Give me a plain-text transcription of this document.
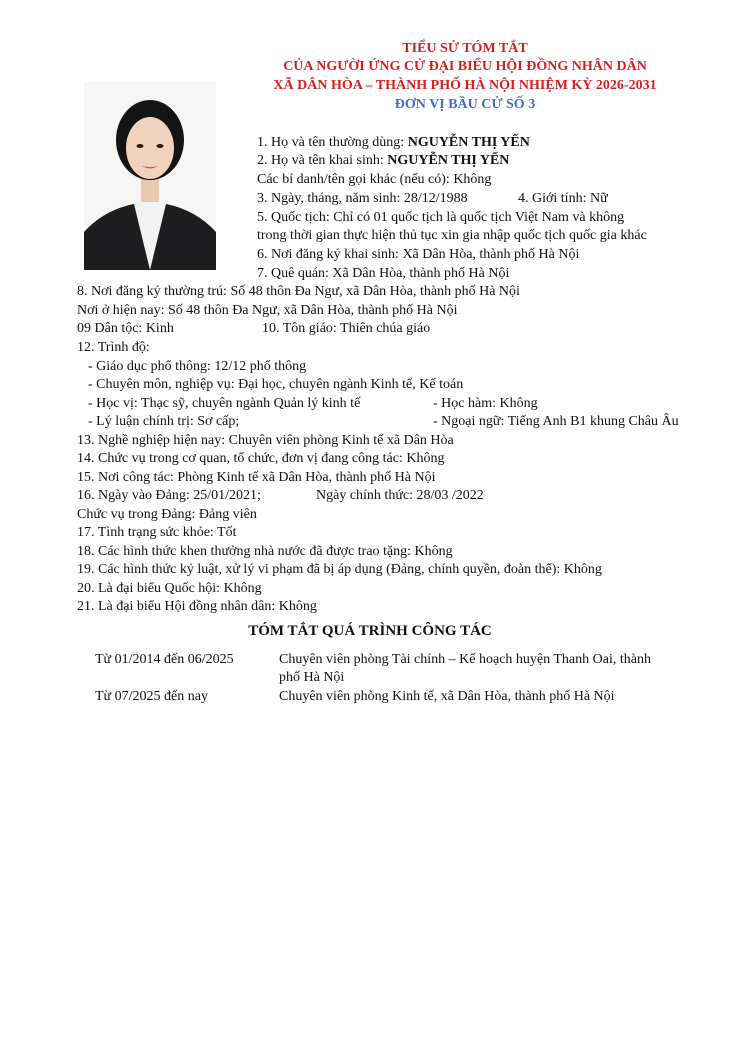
TIỂU SỬ TÓM TẮT
CỦA NGƯỜI ỨNG CỬ ĐẠI BIỂU HỘI ĐỒNG NHÂN DÂN
XÃ DÂN HÒA – THÀNH PHỐ HÀ NỘI NHIỆM KỲ 2026-2031
ĐƠN VỊ BẦU CỬ SỐ 3
1. Họ và tên thường dùng: NGUYỄN THỊ YẾN
2. Họ và tên khai sinh: NGUYỄN THỊ YẾN
Các bí danh/tên gọi khác (nếu có): Không
3. Ngày, tháng, năm sinh: 28/12/1988	4. Giới tính: Nữ
5. Quốc tịch: Chỉ có 01 quốc tịch là quốc tịch Việt Nam và không
trong thời gian thực hiện thủ tục xin gia nhập quốc tịch quốc gia khác
6. Nơi đăng ký khai sinh: Xã Dân Hòa, thành phố Hà Nội
7. Quê quán: Xã Dân Hòa, thành phố Hà Nội
8. Nơi đăng ký thường trú: Số 48 thôn Đa Ngư, xã Dân Hòa, thành phố Hà Nội
Nơi ở hiện nay: Số 48 thôn Đa Ngư, xã Dân Hòa, thành phố Hà Nội
09 Dân tộc: Kinh	10. Tôn giáo: Thiên chúa giáo
12. Trình độ:
- Giáo dục phổ thông: 12/12 phổ thông
- Chuyên môn, nghiệp vụ: Đại học, chuyên ngành Kinh tế, Kế toán
- Học vị: Thạc sỹ, chuyên ngành Quản lý kinh tế	- Học hàm: Không
- Lý luận chính trị: Sơ cấp;	- Ngoại ngữ: Tiếng Anh B1 khung Châu Âu
13. Nghề nghiệp hiện nay: Chuyên viên phòng Kinh tế xã Dân Hòa
14. Chức vụ trong cơ quan, tổ chức, đơn vị đang công tác: Không
15. Nơi công tác: Phòng Kinh tế xã Dân Hòa, thành phố Hà Nội
16. Ngày vào Đảng: 25/01/2021;	Ngày chính thức: 28/03 /2022
Chức vụ trong Đảng: Đảng viên
17. Tình trạng sức khỏe: Tốt
18. Các hình thức khen thưởng nhà nước đã được trao tặng: Không
19. Các hình thức kỷ luật, xử lý vi phạm đã bị áp dụng (Đảng, chính quyền, đoàn thể): Không
20. Là đại biểu Quốc hội: Không
21. Là đại biểu Hội đồng nhân dân: Không
TÓM TẮT QUÁ TRÌNH CÔNG TÁC
Từ 01/2014 đến 06/2025	Chuyên viên phòng Tài chính – Kế hoạch huyện Thanh Oai, thành
phố Hà Nội
Từ 07/2025 đến nay	Chuyên viên phòng Kinh tế, xã Dân Hòa, thành phố Hà Nội
